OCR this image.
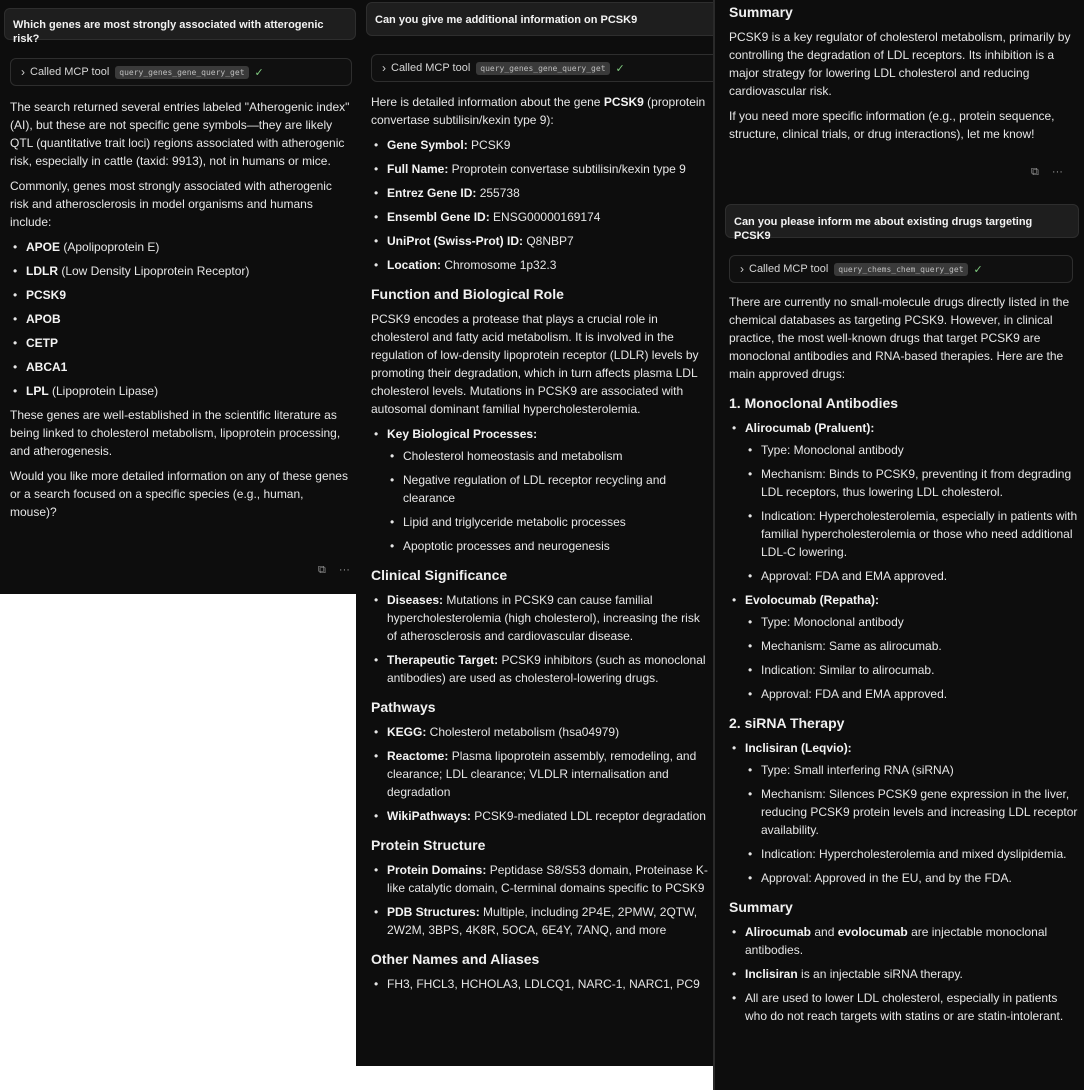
Which genes are most strongly associated with atterogenic risk?
› Called MCP tool	query_genes_gene_query_get ✓

The search returned several entries labeled "Atherogenic index" (AI), but these are not specific gene symbols—they are likely QTL (quantitative trait loci) regions associated with atherogenic risk, especially in cattle (taxid: 9913), not in humans or mice.

Commonly, genes most strongly associated with atherogenic risk and atherosclerosis in model organisms and humans include:

• APOE (Apolipoprotein E)
• LDLR (Low Density Lipoprotein Receptor)
• PCSK9
• APOB
• CETP
• ABCA1
• LPL (Lipoprotein Lipase)

These genes are well-established in the scientific literature as being linked to cholesterol metabolism, lipoprotein processing, and atherogenesis.

Would you like more detailed information on any of these genes or a search focused on a specific species (e.g., human, mouse)?

⧉ ···
Can you give me additional information on PCSK9
› Called MCP tool	query_genes_gene_query_get ✓

Here is detailed information about the gene PCSK9 (proprotein convertase subtilisin/kexin type 9):

• Gene Symbol: PCSK9
• Full Name: Proprotein convertase subtilisin/kexin type 9
• Entrez Gene ID: 255738
• Ensembl Gene ID: ENSG00000169174
• UniProt (Swiss-Prot) ID: Q8NBP7
• Location: Chromosome 1p32.3
Function and Biological Role

PCSK9 encodes a protease that plays a crucial role in cholesterol and fatty acid metabolism. It is involved in the regulation of low-density lipoprotein receptor (LDLR) levels by promoting their degradation, which in turn affects plasma LDL cholesterol levels. Mutations in PCSK9 are associated with autosomal dominant familial hypercholesterolemia.

• Key Biological Processes:
• Cholesterol homeostasis and metabolism
• Negative regulation of LDL receptor recycling and clearance
• Lipid and triglyceride metabolic processes
• Apoptotic processes and neurogenesis
Clinical Significance
• Diseases: Mutations in PCSK9 can cause familial hypercholesterolemia (high cholesterol), increasing the risk of atherosclerosis and cardiovascular disease.
• Therapeutic Target: PCSK9 inhibitors (such as monoclonal antibodies) are used as cholesterol-lowering drugs.
Pathways
• KEGG: Cholesterol metabolism (hsa04979)
• Reactome: Plasma lipoprotein assembly, remodeling, and clearance; LDL clearance; VLDLR internalisation and degradation
• WikiPathways: PCSK9-mediated LDL receptor degradation
Protein Structure
• Protein Domains: Peptidase S8/S53 domain, Proteinase K-like catalytic domain, C-terminal domains specific to PCSK9
• PDB Structures: Multiple, including 2P4E, 2PMW, 2QTW, 2W2M, 3BPS, 4K8R, 5OCA, 6E4Y, 7ANQ, and more
Other Names and Aliases
• FH3, FHCL3, HCHOLA3, LDLCQ1, NARC-1, NARC1, PC9
Summary

PCSK9 is a key regulator of cholesterol metabolism, primarily by controlling the degradation of LDL receptors. Its inhibition is a major strategy for lowering LDL cholesterol and reducing cardiovascular risk.

If you need more specific information (e.g., protein sequence, structure, clinical trials, or drug interactions), let me know!

⧉ ···
Can you please inform me about existing drugs targeting PCSK9
› Called MCP tool	query_chems_chem_query_get ✓

There are currently no small-molecule drugs directly listed in the chemical databases as targeting PCSK9. However, in clinical practice, the most well-known drugs that target PCSK9 are monoclonal antibodies and RNA-based therapies. Here are the main approved drugs:

1. Monoclonal Antibodies
• Alirocumab (Praluent):
• Type: Monoclonal antibody
• Mechanism: Binds to PCSK9, preventing it from degrading LDL receptors, thus lowering LDL cholesterol.
• Indication: Hypercholesterolemia, especially in patients with familial hypercholesterolemia or those who need additional LDL-C lowering.
• Approval: FDA and EMA approved.
• Evolocumab (Repatha):
• Type: Monoclonal antibody
• Mechanism: Same as alirocumab.
• Indication: Similar to alirocumab.
• Approval: FDA and EMA approved.
2. siRNA Therapy
• Inclisiran (Leqvio):
• Type: Small interfering RNA (siRNA)
• Mechanism: Silences PCSK9 gene expression in the liver, reducing PCSK9 protein levels and increasing LDL receptor availability.
• Indication: Hypercholesterolemia and mixed dyslipidemia.
• Approval: Approved in the EU, and by the FDA.
Summary
• Alirocumab and evolocumab are injectable monoclonal antibodies.
• Inclisiran is an injectable siRNA therapy.
• All are used to lower LDL cholesterol, especially in patients who do not reach targets with statins or are statin-intolerant.
